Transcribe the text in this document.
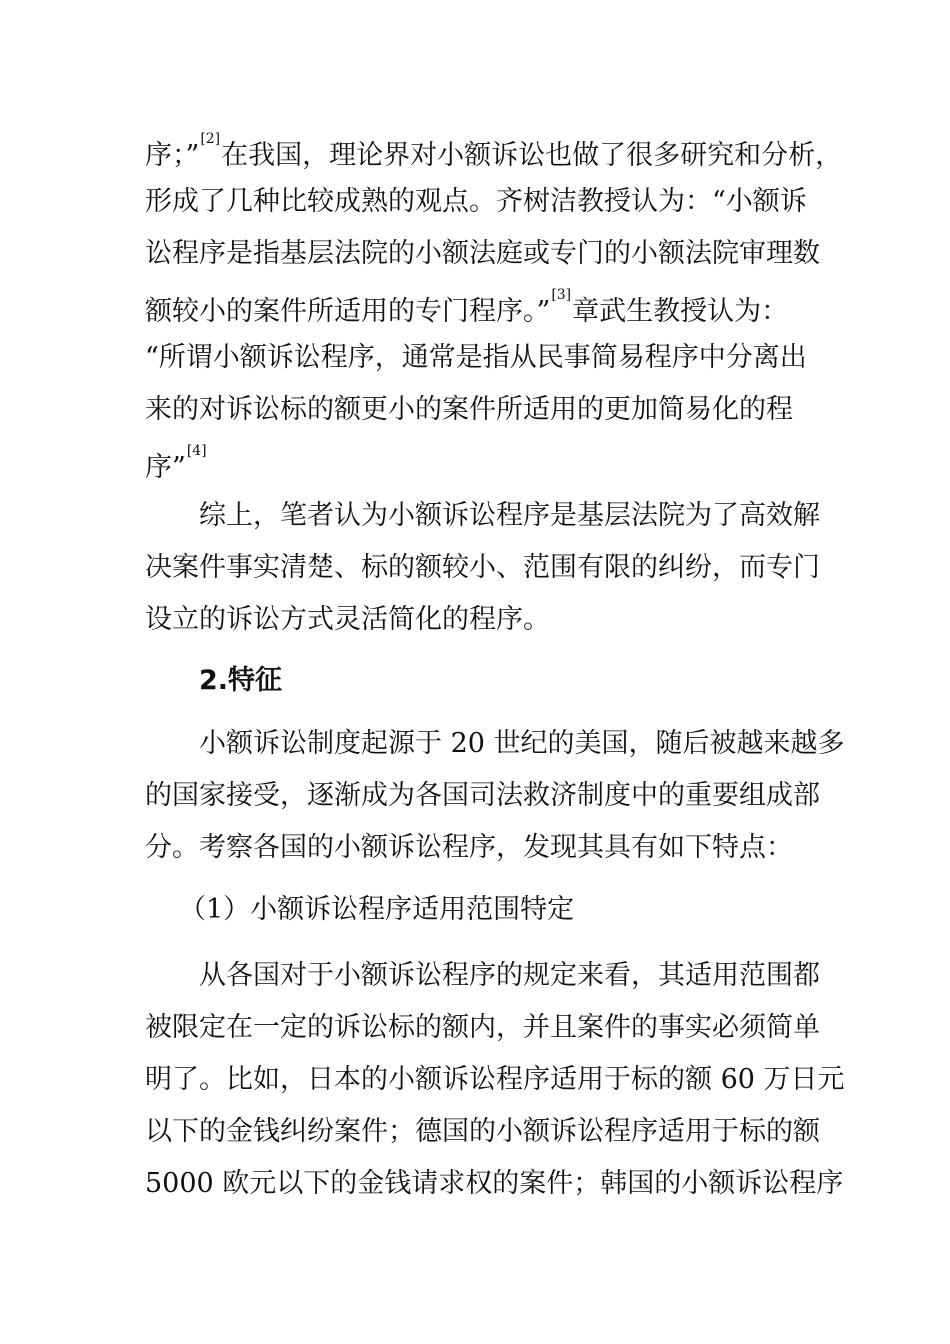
序；”[2]在我国，理论界对小额诉讼也做了很多研究和分析，
形成了几种比较成熟的观点。齐树洁教授认为：“小额诉
讼程序是指基层法院的小额法庭或专门的小额法院审理数
额较小的案件所适用的专门程序。”[3]章武生教授认为：
“所谓小额诉讼程序，通常是指从民事简易程序中分离出
来的对诉讼标的额更小的案件所适用的更加简易化的程
序”[4]
综上，笔者认为小额诉讼程序是基层法院为了高效解
决案件事实清楚、标的额较小、范围有限的纠纷，而专门
设立的诉讼方式灵活简化的程序。
2.特征
小额诉讼制度起源于 20 世纪的美国，随后被越来越多
的国家接受，逐渐成为各国司法救济制度中的重要组成部
分。考察各国的小额诉讼程序，发现其具有如下特点：
（1）小额诉讼程序适用范围特定
从各国对于小额诉讼程序的规定来看，其适用范围都
被限定在一定的诉讼标的额内，并且案件的事实必须简单
明了。比如，日本的小额诉讼程序适用于标的额 60 万日元
以下的金钱纠纷案件；德国的小额诉讼程序适用于标的额
5000 欧元以下的金钱请求权的案件；韩国的小额诉讼程序
